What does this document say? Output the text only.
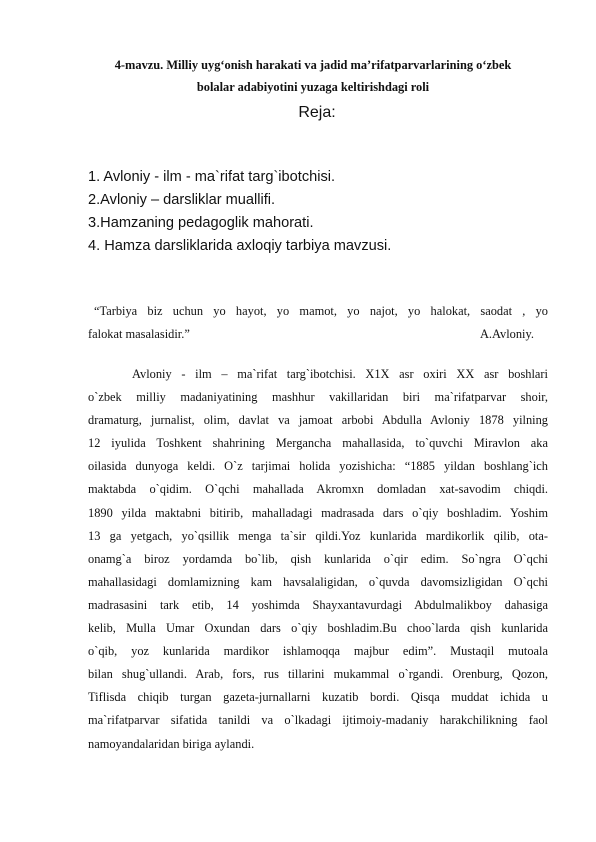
4-mavzu. Milliy uyg‘onish harakati va jadid ma’rifatparvarlarining o‘zbek
bolalar adabiyotini yuzaga keltirishdagi roli
Reja:
1. Avloniy - ilm - ma`rifat targ`ibotchisi.
2.Avloniy – darsliklar muallifi.
3.Hamzaning pedagoglik mahorati.
4. Hamza darsliklarida axloqiy tarbiya mavzusi.
“Tarbiya biz uchun yo hayot, yo mamot, yo najot, yo halokat, saodat , yo
falokat masalasidir.”	A.Avloniy.
Avloniy - ilm – ma`rifat targ`ibotchisi. X1X asr oxiri XX asr boshlari
o`zbek milliy madaniyatining mashhur vakillaridan biri ma`rifatparvar shoir,
dramaturg, jurnalist, olim, davlat va jamoat arbobi Abdulla Avloniy 1878 yilning
12 iyulida Toshkent shahrining Mergancha mahallasida, to`quvchi Miravlon aka
oilasida dunyoga keldi. O`z tarjimai holida yozishicha: “1885 yildan boshlang`ich
maktabda o`qidim. O`qchi mahallada Akromxn domladan xat-savodim chiqdi.
1890 yilda maktabni bitirib, mahalladagi madrasada dars o`qiy boshladim. Yoshim
13 ga yetgach, yo`qsillik menga ta`sir qildi.Yoz kunlarida mardikorlik qilib, ota-
onamg`a biroz yordamda bo`lib, qish kunlarida o`qir edim. So`ngra O`qchi
mahallasidagi domlamizning kam havsalaligidan, o`quvda davomsizligidan O`qchi
madrasasini tark etib, 14 yoshimda Shayxantavurdagi Abdulmalikboy dahasiga
kelib, Mulla Umar Oxundan dars o`qiy boshladim.Bu choo`larda qish kunlarida
o`qib, yoz kunlarida mardikor ishlamoqqa majbur edim”. Mustaqil mutoala
bilan shug`ullandi. Arab, fors, rus tillarini mukammal o`rgandi. Orenburg, Qozon,
Tiflisda chiqib turgan gazeta-jurnallarni kuzatib bordi. Qisqa muddat ichida u
ma`rifatparvar sifatida tanildi va o`lkadagi ijtimoiy-madaniy harakchilikning faol
namoyandalaridan biriga aylandi.
